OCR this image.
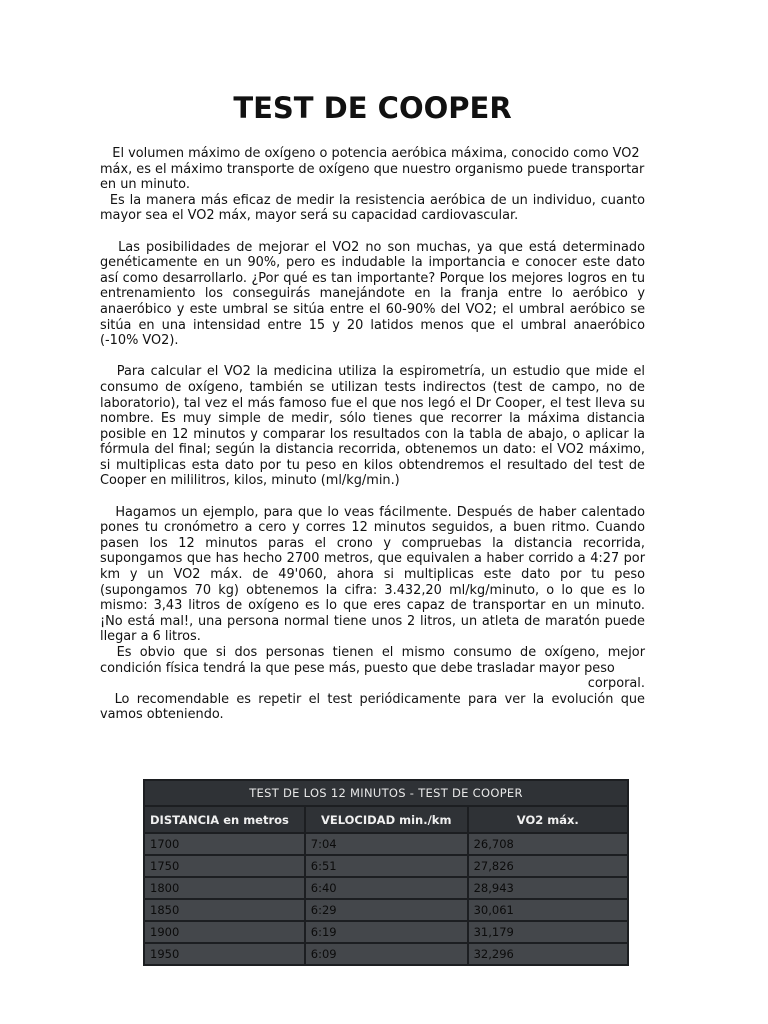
TEST DE COOPER

El volumen máximo de oxígeno o potencia aeróbica máxima, conocido como VO2 máx, es el máximo transporte de oxígeno que nuestro organismo puede transportar en un minuto.

Es la manera más eficaz de medir la resistencia aeróbica de un individuo, cuanto mayor sea el VO2 máx, mayor será su capacidad cardiovascular.

Las posibilidades de mejorar el VO2 no son muchas, ya que está determinado genéticamente en un 90%, pero es indudable la importancia e conocer este dato así como desarrollarlo. ¿Por qué es tan importante? Porque los mejores logros en tu entrenamiento los conseguirás manejándote en la franja entre lo aeróbico y anaeróbico y este umbral se sitúa entre el 60-90% del VO2; el umbral aeróbico se sitúa en una intensidad entre 15 y 20 latidos menos que el umbral anaeróbico (-10% VO2).

Para calcular el VO2 la medicina utiliza la espirometría, un estudio que mide el consumo de oxígeno, también se utilizan tests indirectos (test de campo, no de laboratorio), tal vez el más famoso fue el que nos legó el Dr Cooper, el test lleva su nombre. Es muy simple de medir, sólo tienes que recorrer la máxima distancia posible en 12 minutos y comparar los resultados con la tabla de abajo, o aplicar la fórmula del final; según la distancia recorrida, obtenemos un dato: el VO2 máximo, si multiplicas esta dato por tu peso en kilos obtendremos el resultado del test de Cooper en mililitros, kilos, minuto (ml/kg/min.)

Hagamos un ejemplo, para que lo veas fácilmente. Después de haber calentado pones tu cronómetro a cero y corres 12 minutos seguidos, a buen ritmo. Cuando pasen los 12 minutos paras el crono y compruebas la distancia recorrida, supongamos que has hecho 2700 metros, que equivalen a haber corrido a 4:27 por km y un VO2 máx. de 49'060, ahora si multiplicas este dato por tu peso (supongamos 70 kg) obtenemos la cifra: 3.432,20 ml/kg/minuto, o lo que es lo mismo: 3,43 litros de oxígeno es lo que eres capaz de transportar en un minuto. ¡No está mal!, una persona normal tiene unos 2 litros, un atleta de maratón puede llegar a 6 litros.

Es obvio que si dos personas tienen el mismo consumo de oxígeno, mejor condición física tendrá la que pese más, puesto que debe trasladar mayor peso

corporal.

Lo recomendable es repetir el test periódicamente para ver la evolución que vamos obteniendo.

TEST DE LOS 12 MINUTOS - TEST DE COOPER		
DISTANCIA en metros	VELOCIDAD min./km	VO2 máx.
1700	7:04	26,708
1750	6:51	27,826
1800	6:40	28,943
1850	6:29	30,061
1900	6:19	31,179
1950	6:09	32,296
